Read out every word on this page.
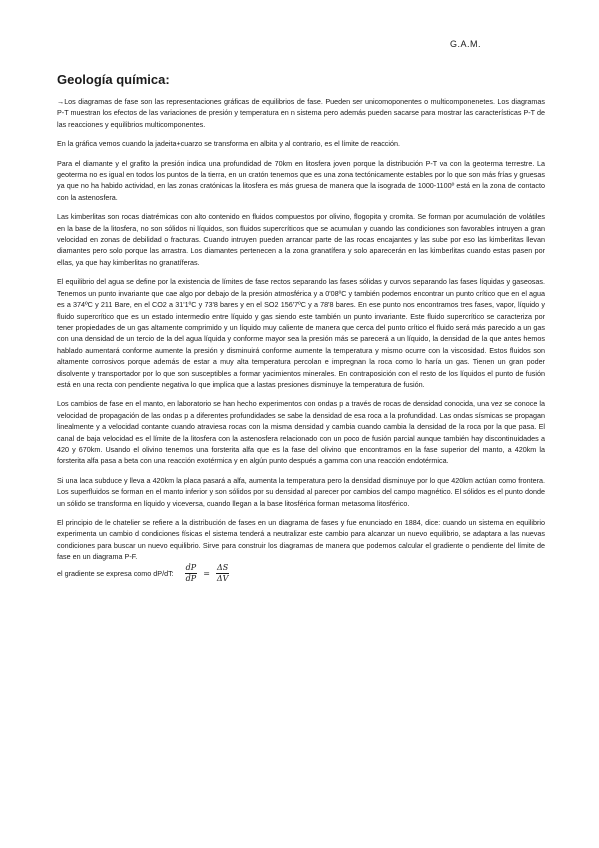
G.A.M.
Geología química:

→Los diagramas de fase son las representaciones gráficas de equilibrios de fase. Pueden ser unicomoponentes o multicomponenetes. Los diagramas P-T muestran los efectos de las variaciones de presión y temperatura en n sistema pero además pueden sacarse para mostrar las características P-T de las reacciones y equilibrios multicomponentes.

En la gráfica vemos cuando la jadeita+cuarzo se transforma en albita y al contrario, es el límite de reacción.

Para el diamante y el grafito la presión indica una profundidad de 70km en litosfera joven porque la distribución P-T va con la geoterma terrestre. La geoterma no es igual en todos los puntos de la tierra, en un cratón tenemos que es una zona tectónicamente estables por lo que son más frías y gruesas ya que no ha habido actividad, en las zonas cratónicas la litosfera es más gruesa de manera que la isograda de 1000-1100º está en la zona de contacto con la astenosfera.

Las kimberlitas son rocas diatrémicas con alto contenido en fluidos compuestos por olivino, flogopita y cromita. Se forman por acumulación de volátiles en la base de la litosfera, no son sólidos ni líquidos, son fluidos supercríticos que se acumulan y cuando las condiciones son favorables intruyen a gran velocidad en zonas de debilidad o fracturas. Cuando intruyen pueden arrancar parte de las rocas encajantes y las sube por eso las kimberlitas llevan diamantes pero solo porque las arrastra. Los diamantes pertenecen a la zona granatífera y solo aparecerán en las kimberlitas cuando estas pasen por ellas, ya que hay kimberlitas no granatíferas.

El equilibrio del agua se define por la existencia de límites de fase rectos separando las fases sólidas y curvos separando las fases líquidas y gaseosas. Tenemos un punto invariante que cae algo por debajo de la presión atmosférica y a 0'08ºC y también podemos encontrar un punto crítico que en el agua es a 374ºC y 211 Bare, en el CO2 a 31'1ºC y 73'8 bares y en el SO2 156'7ºC y a 78'8 bares. En ese punto nos encontramos tres fases, vapor, líquido y fluido supercrítico que es un estado intermedio entre líquido y gas siendo este también un punto invariante. Este fluido supercrítico se caracteriza por tener propiedades de un gas altamente comprimido y un líquido muy caliente de manera que cerca del punto crítico el fluido será más parecido a un gas con una densidad de un tercio de la del agua líquida y conforme mayor sea la presión más se parecerá a un líquido, la densidad de la que antes hemos hablado aumentará conforme aumente la presión y disminuirá conforme aumente la temperatura y mismo ocurre con la viscosidad. Estos fluidos son altamente corrosivos porque además de estar a muy alta temperatura percolan e impregnan la roca como lo haría un gas. Tienen un gran poder disolvente y transportador por lo que son susceptibles a formar yacimientos minerales. En contraposición con el resto de los líquidos el punto de fusión está en una recta con pendiente negativa lo que implica que a lastas presiones disminuye la temperatura de fusión.

Los cambios de fase en el manto, en laboratorio se han hecho experimentos con ondas p a través de rocas de densidad conocida, una vez se conoce la velocidad de propagación de las ondas p a diferentes profundidades se sabe la densidad de esa roca a la profundidad. Las ondas sísmicas se propagan linealmente y a velocidad contante cuando atraviesa rocas con la misma densidad y cambia cuando cambia la densidad de la roca por la que pasa. El canal de baja velocidad es el límite de la litosfera con la astenosfera relacionado con un poco de fusión parcial aunque también hay discontinuidades a 420 y 670km. Usando el olivino tenemos una forsterita alfa que es la fase del olivino que encontramos en la fase superior del manto, a 420km la forsterita alfa pasa a beta con una reacción exotérmica y en algún punto después a gamma con una reacción endotérmica.

Si una laca subduce y lleva a 420km la placa pasará a alfa, aumenta la temperatura pero la densidad disminuye por lo que 420km actúan como frontera. Los superfluidos se forman en el manto inferior y son sólidos por su densidad al parecer por cambios del campo magnético. El sólidos es el punto donde un sólido se transforma en líquido y viceversa, cuando llegan a la base litosférica forman metasoma litosférico.

El principio de le chatelier se refiere a la distribución de fases en un diagrama de fases y fue enunciado en 1884, dice: cuando un sistema en equilibrio experimenta un cambio d condiciones físicas el sistema tenderá a neutralizar este cambio para alcanzar un nuevo equilibrio, se adaptara a las nuevas condiciones para buscar un nuevo equilibrio. Sirve para construir los diagramas de manera que podemos calcular el gradiente o pendiente del límite de fase en un diagrama P-F.

el gradiente se expresa como dP/dT: $\frac{dP}{dP} = \frac{\Delta S}{\Delta V}$
